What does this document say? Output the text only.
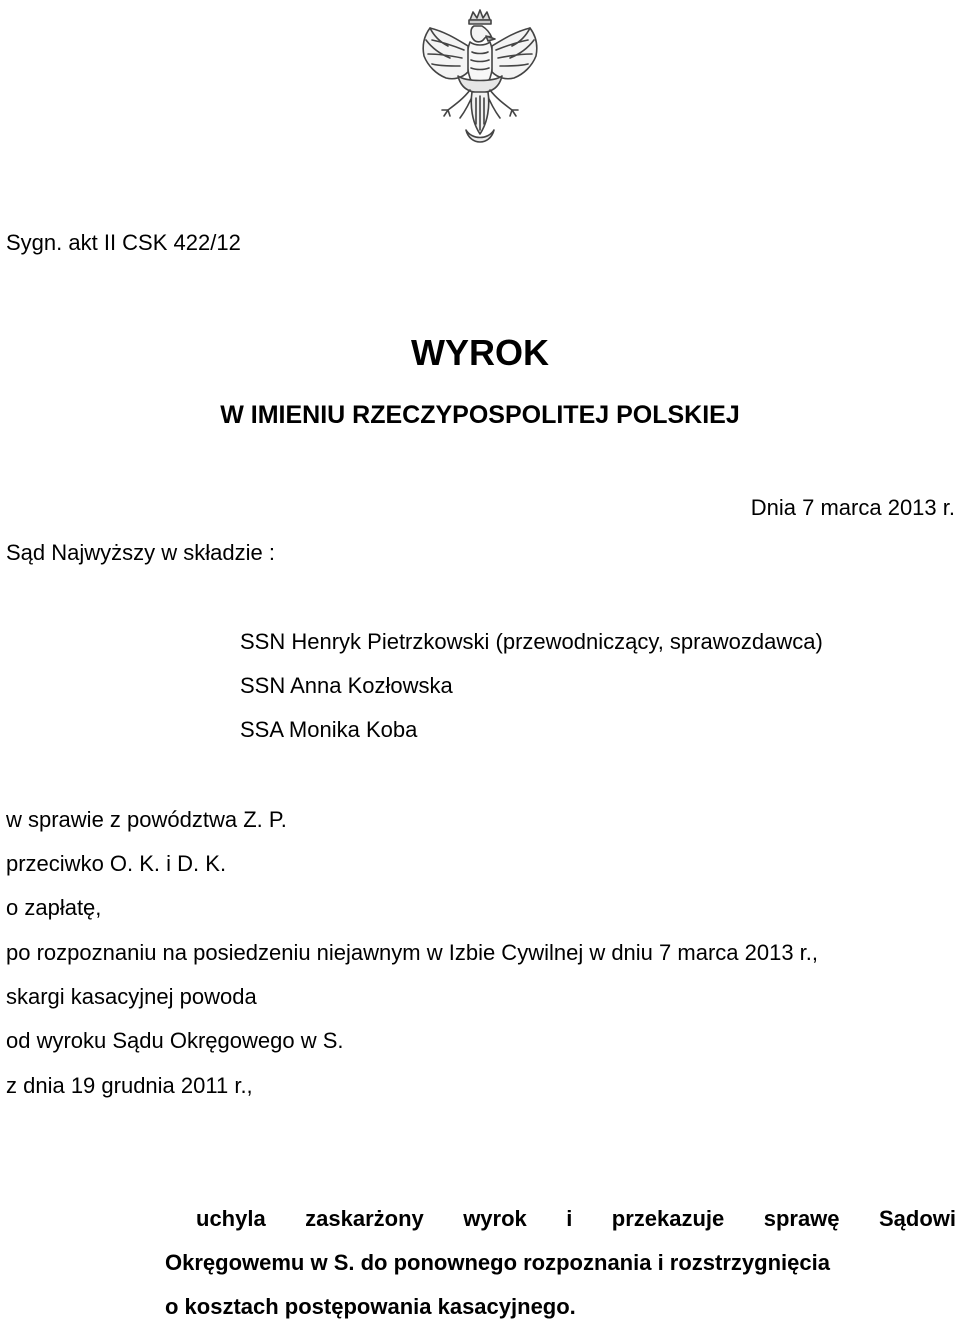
Sygn. akt II CSK 422/12
WYROK
W IMIENIU RZECZYPOSPOLITEJ POLSKIEJ
Dnia 7 marca 2013 r.
Sąd Najwyższy w składzie :
SSN Henryk Pietrzkowski (przewodniczący, sprawozdawca)
SSN Anna Kozłowska
SSA Monika Koba
w sprawie z powództwa Z. P.
przeciwko O. K. i D. K.
o zapłatę,
po rozpoznaniu na posiedzeniu niejawnym w Izbie Cywilnej w dniu 7 marca 2013 r.,
skargi kasacyjnej powoda
od wyroku Sądu Okręgowego w S.
z dnia 19 grudnia 2011 r.,
uchyla zaskarżony wyrok i przekazuje sprawę Sądowi
Okręgowemu w S. do ponownego rozpoznania i rozstrzygnięcia
o kosztach postępowania kasacyjnego.
